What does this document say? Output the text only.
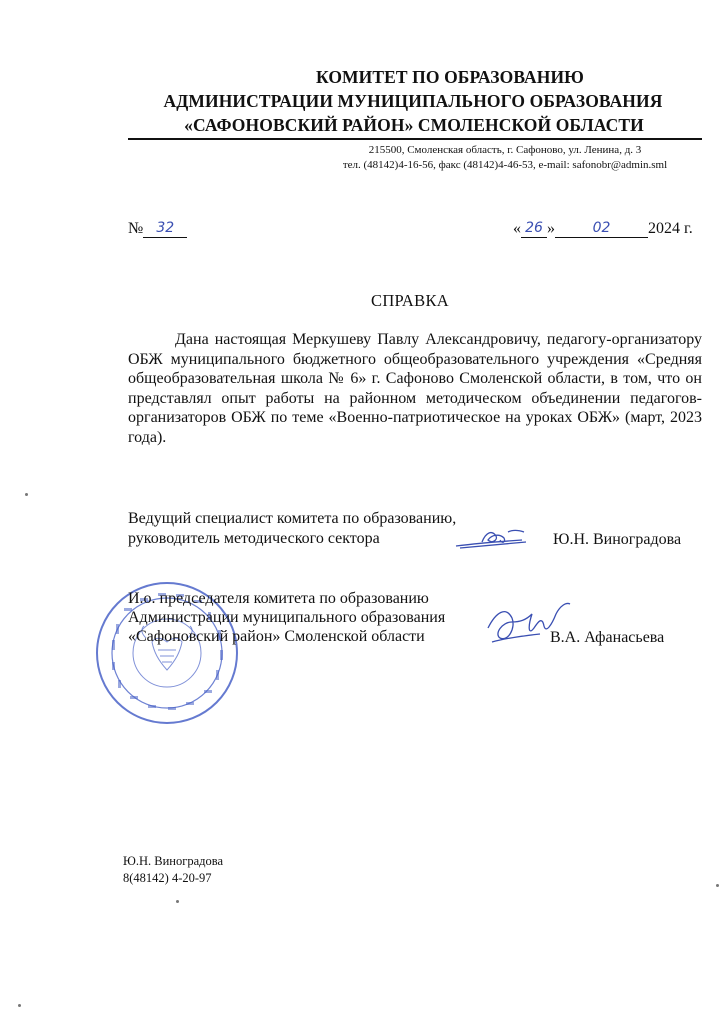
КОМИТЕТ ПО ОБРАЗОВАНИЮ
АДМИНИСТРАЦИИ МУНИЦИПАЛЬНОГО ОБРАЗОВАНИЯ
«САФОНОВСКИЙ РАЙОН» СМОЛЕНСКОЙ ОБЛАСТИ
215500, Смоленская область, г. Сафоново, ул. Ленина, д. 3
тел. (48142)4-16-56, факс (48142)4-46-53, e-mail: safonobr@admin.sml
№ 32	« 26 »	02 2024 г.
СПРАВКА
Дана настоящая Меркушеву Павлу Александровичу, педагогу-организатору ОБЖ муниципального бюджетного общеобразовательного учреждения «Средняя общеобразовательная школа № 6» г. Сафоново Смоленской области, в том, что он представлял опыт работы на районном методическом объединении педагогов-организаторов ОБЖ по теме «Военно-патриотическое на уроках ОБЖ» (март, 2023 года).
Ведущий специалист комитета по образованию,
руководитель методического сектора	Ю.Н. Виноградова
И.о. председателя комитета по образованию
Администрации муниципального образования
«Сафоновский район» Смоленской области	В.А. Афанасьева
Ю.Н. Виноградова
8(48142) 4-20-97
